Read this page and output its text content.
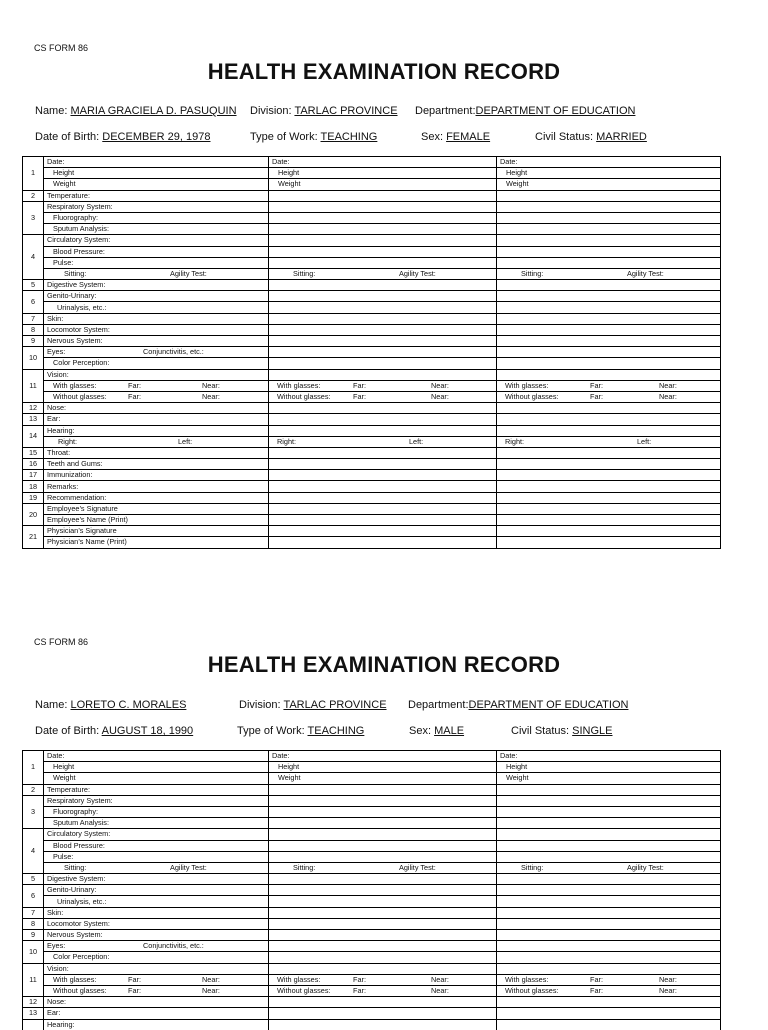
CS FORM 86
HEALTH EXAMINATION RECORD
Name: MARIA GRACIELA D. PASUQUIN Division: TARLAC PROVINCE Department:DEPARTMENT OF EDUCATION
Date of Birth: DECEMBER 29, 1978	Type of Work: TEACHING	Sex: FEMALE	Civil Status: MARRIED
1	Date:	Date:	Date:
	Height	Height	Height
	Weight	Weight	Weight
2	Temperature:		
3	Respiratory System:		
	Fluorography:		
	Sputum Analysis:		
4	Circulatory System:		
	Blood Pressure:		
	Pulse:		

	Sitting: Agility Test:	Sitting: Agility Test:	Sitting: Agility Test:

5	Digestive System:		
6	Genito-Urinary:		
	Urinalysis, etc.:		
7	Skin:		
8	Locomotor System:		
9	Nervous System:		
10	Eyes: Conjunctivitis, etc.:		

	Color Perception:		
11	Vision:		

	With glasses: Far: Near:	With glasses: Far: Near:	With glasses: Far: Near:

	Without glasses: Far: Near:	Without glasses: Far: Near:	Without glasses: Far: Near:

12	Nose:		
13	Ear:		
14	Hearing:		

	Right: Left:	Right: Left:	Right: Left:

15	Throat:		
16	Teeth and Gums:		
17	Immunization:		
18	Remarks:		
19	Recommendation:		
20	Employee’s Signature		
	Employee’s Name (Print)		
21	Physician’s Signature		
	Physician’s Name (Print)		
CS FORM 86
HEALTH EXAMINATION RECORD
Name: LORETO C. MORALES	Division: TARLAC PROVINCE Department:DEPARTMENT OF EDUCATION
Date of Birth: AUGUST 18, 1990	Type of Work: TEACHING	Sex: MALE	Civil Status: SINGLE
1	Date:	Date:	Date:
	Height	Height	Height
	Weight	Weight	Weight
2	Temperature:		
3	Respiratory System:		
	Fluorography:		
	Sputum Analysis:		
4	Circulatory System:		
	Blood Pressure:		
	Pulse:		

	Sitting: Agility Test:	Sitting: Agility Test:	Sitting: Agility Test:

5	Digestive System:		
6	Genito-Urinary:		
	Urinalysis, etc.:		
7	Skin:		
8	Locomotor System:		
9	Nervous System:		
10	Eyes: Conjunctivitis, etc.:		

	Color Perception:		
11	Vision:		

	With glasses: Far: Near:	With glasses: Far: Near:	With glasses: Far: Near:

	Without glasses: Far: Near:	Without glasses: Far: Near:	Without glasses: Far: Near:

12	Nose:		
13	Ear:		
	Hearing:		
